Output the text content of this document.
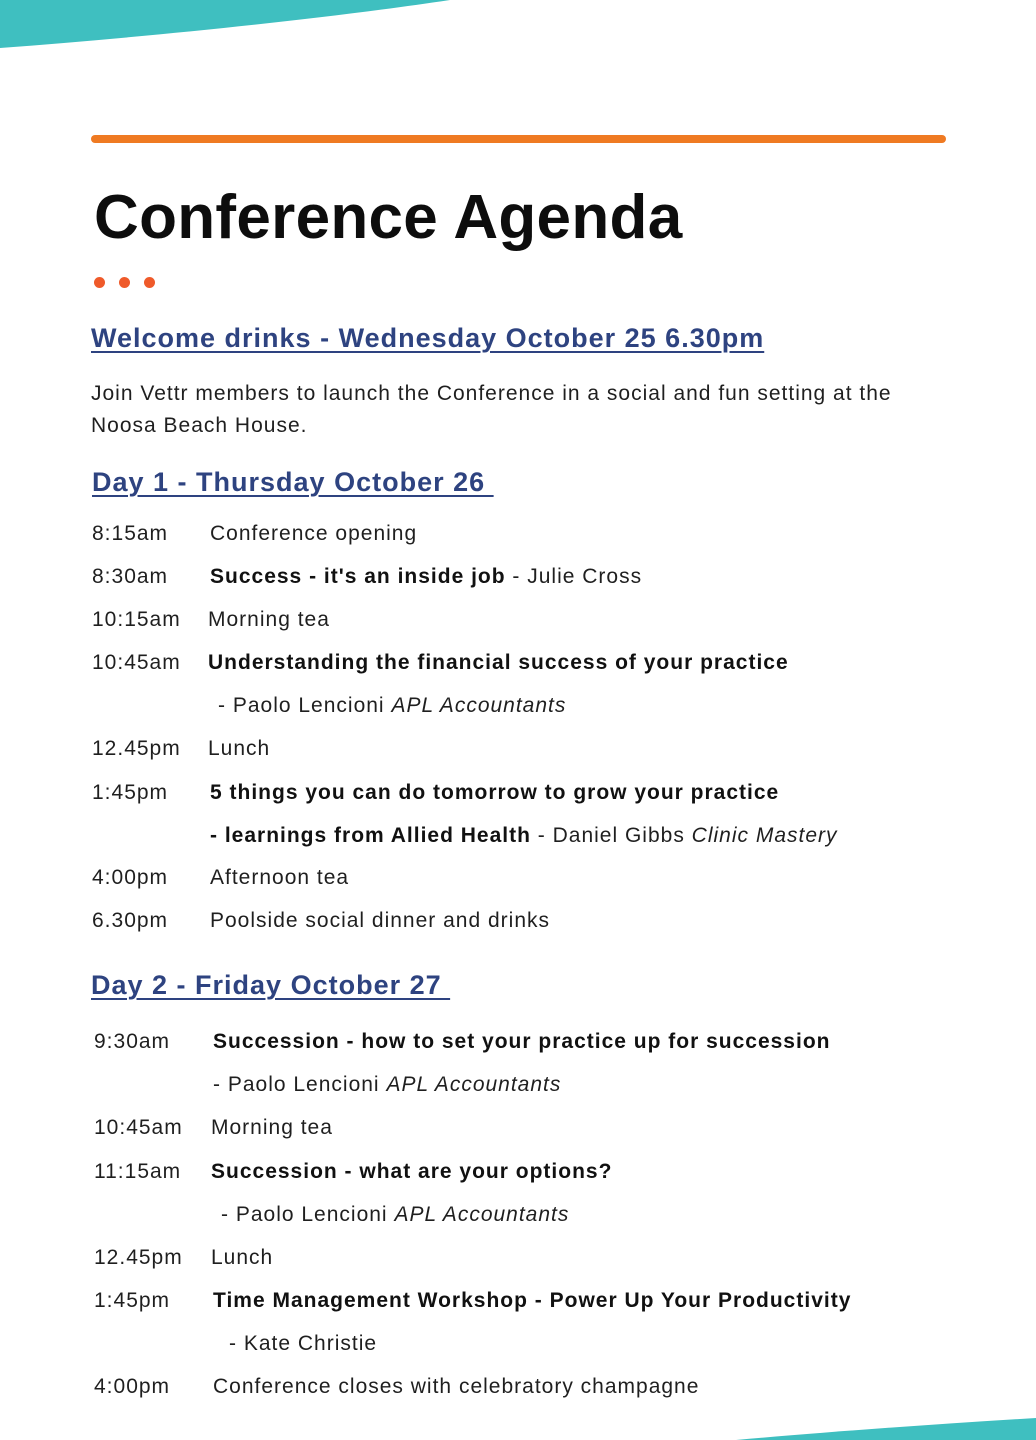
Conference Agenda
Welcome drinks - Wednesday October 25 6.30pm

Join Vettr members to launch the Conference in a social and fun setting at the Noosa Beach House.

Day 1 - Thursday October 26
8:15am Conference opening
8:30am Success - it's an inside job - Julie Cross
10:15am Morning tea
10:45am Understanding the financial success of your practice
- Paolo Lencioni APL Accountants
12.45pm Lunch
1:45pm 5 things you can do tomorrow to grow your practice
- learnings from Allied Health - Daniel Gibbs Clinic Mastery
4:00pm Afternoon tea
6.30pm Poolside social dinner and drinks
Day 2 - Friday October 27
9:30am Succession - how to set your practice up for succession
- Paolo Lencioni APL Accountants
10:45am Morning tea
11:15am Succession - what are your options?
- Paolo Lencioni APL Accountants
12.45pm Lunch
1:45pm Time Management Workshop - Power Up Your Productivity
- Kate Christie
4:00pm Conference closes with celebratory champagne
